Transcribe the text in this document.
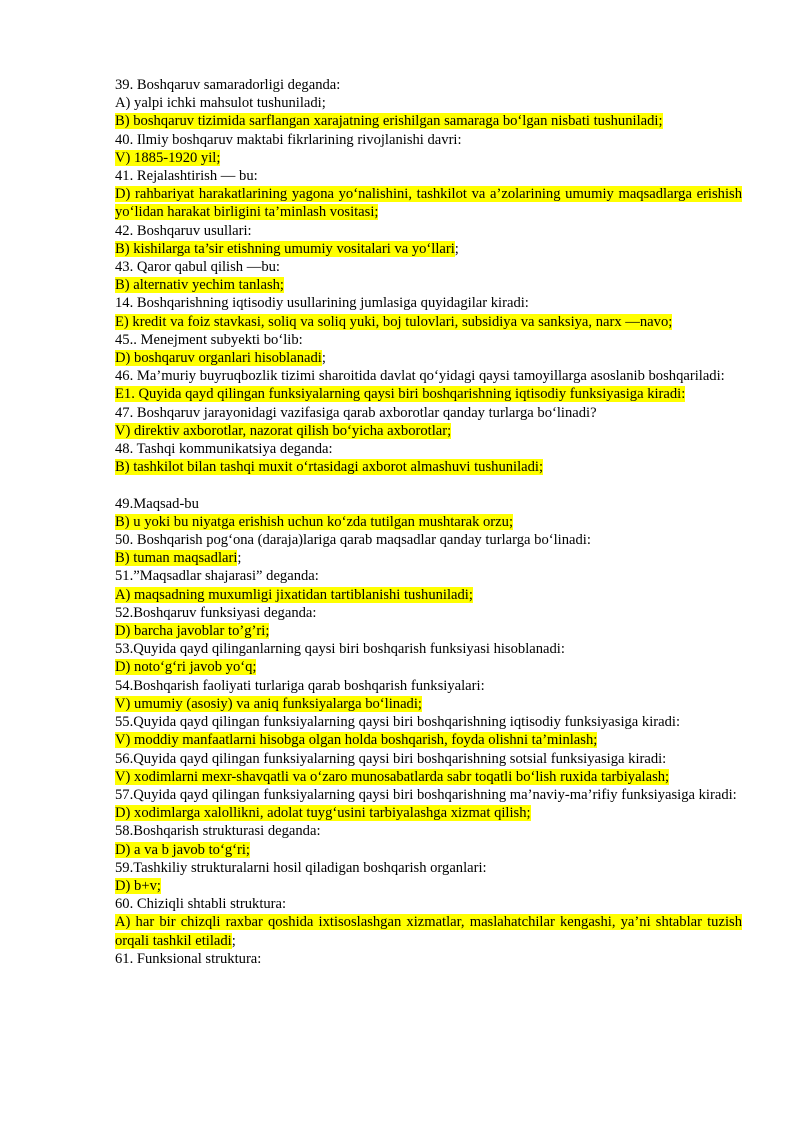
39. Boshqaruv samaradorligi deganda:
A) yalpi ichki mahsulot tushuniladi;
B) boshqaruv tizimida sarflangan xarajatning erishilgan samaraga bo‘lgan nisbati tushuniladi;
40. Ilmiy boshqaruv maktabi fikrlarining rivojlanishi davri:
V) 1885-1920 yil;
41. Rejalashtirish — bu:
D) rahbariyat harakatlarining yagona yo‘nalishini, tashkilot va a’zolarining umumiy maqsadlarga erishish yo‘lidan harakat birligini ta’minlash vositasi;
42. Boshqaruv usullari:
B) kishilarga ta’sir etishning umumiy vositalari va yo‘llari;
43. Qaror qabul qilish —bu:
B) alternativ yechim tanlash;
14. Boshqarishning iqtisodiy usullarining jumlasiga quyidagilar kiradi:
E) kredit va foiz stavkasi, soliq va soliq yuki, boj tulovlari, subsidiya va sanksiya, narx —navo;
45.. Menejment subyekti bo‘lib:
D) boshqaruv organlari hisoblanadi;
46. Ma’muriy buyruqbozlik tizimi sharoitida davlat qo‘yidagi qaysi tamoyillarga asoslanib boshqariladi:
E1. Quyida qayd qilingan funksiyalarning qaysi biri boshqarishning iqtisodiy funksiyasiga kiradi:
47. Boshqaruv jarayonidagi vazifasiga qarab axborotlar qanday turlarga bo‘linadi?
V) direktiv axborotlar, nazorat qilish bo‘yicha axborotlar;
48. Tashqi kommunikatsiya deganda:
B) tashkilot bilan tashqi muxit o‘rtasidagi axborot almashuvi tushuniladi;
49.Maqsad-bu
B) u yoki bu niyatga erishish uchun ko‘zda tutilgan mushtarak orzu;
50. Boshqarish pog‘ona (daraja)lariga qarab maqsadlar qanday turlarga bo‘linadi:
B) tuman maqsadlari;
51.”Maqsadlar shajarasi” deganda:
A) maqsadning muxumligi jixatidan tartiblanishi tushuniladi;
52.Boshqaruv funksiyasi deganda:
D) barcha javoblar to’g’ri;
53.Quyida qayd qilinganlarning qaysi biri boshqarish funksiyasi hisoblanadi:
D) noto‘g‘ri javob yo‘q;
54.Boshqarish faoliyati turlariga qarab boshqarish funksiyalari:
V) umumiy (asosiy) va aniq funksiyalarga bo‘linadi;
55.Quyida qayd qilingan funksiyalarning qaysi biri boshqarishning iqtisodiy funksiyasiga kiradi:
V) moddiy manfaatlarni hisobga olgan holda boshqarish, foyda olishni ta’minlash;
56.Quyida qayd qilingan funksiyalarning qaysi biri boshqarishning sotsial funksiyasiga kiradi:
V) xodimlarni mexr-shavqatli va o‘zaro munosabatlarda sabr toqatli bo‘lish ruxida tarbiyalash;
57.Quyida qayd qilingan funksiyalarning qaysi biri boshqarishning ma’naviy-ma’rifiy funksiyasiga kiradi:
D) xodimlarga xalollikni, adolat tuyg‘usini tarbiyalashga xizmat qilish;
58.Boshqarish strukturasi deganda:
D) a va b javob to‘g‘ri;
59.Tashkiliy strukturalarni hosil qiladigan boshqarish organlari:
D) b+v;
60. Chiziqli shtabli struktura:
A) har bir chizqli raxbar qoshida ixtisoslashgan xizmatlar, maslahatchilar kengashi, ya’ni shtablar tuzish orqali tashkil etiladi;
61. Funksional struktura:
